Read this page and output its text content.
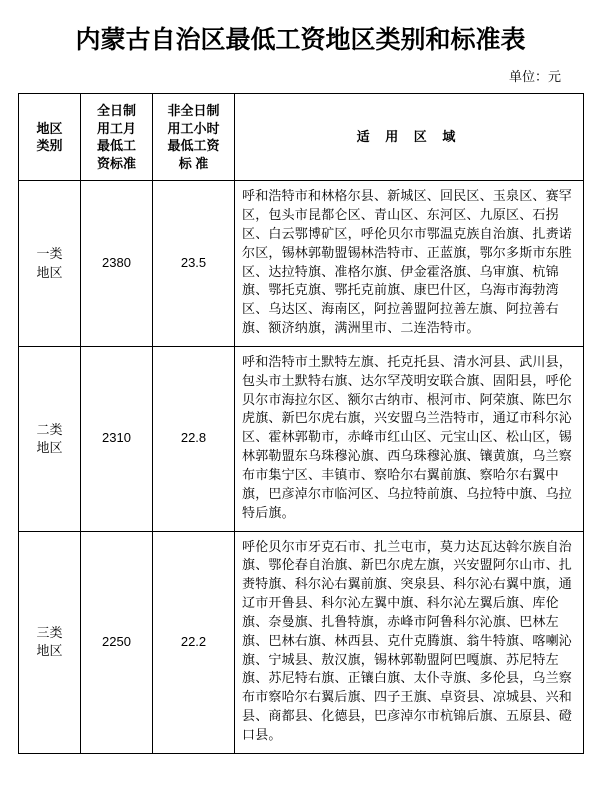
内蒙古自治区最低工资地区类别和标准表
单位：元
地区
类别	全日制
用工月
最低工
资标准	非全日制
用工小时
最低工资
标 准	适 用 区 域

一类
地区	2380	23.5	呼和浩特市和林格尔县、新城区、回民区、玉泉区、赛罕区，包头市昆都仑区、青山区、东河区、九原区、石拐区、白云鄂博矿区，呼伦贝尔市鄂温克族自治旗、扎赉诺尔区，锡林郭勒盟锡林浩特市、正蓝旗，鄂尔多斯市东胜区、达拉特旗、准格尔旗、伊金霍洛旗、乌审旗、杭锦旗、鄂托克旗、鄂托克前旗、康巴什区，乌海市海勃湾区、乌达区、海南区，阿拉善盟阿拉善左旗、阿拉善右旗、额济纳旗，满洲里市、二连浩特市。

二类
地区	2310	22.8	呼和浩特市土默特左旗、托克托县、清水河县、武川县，包头市土默特右旗、达尔罕茂明安联合旗、固阳县，呼伦贝尔市海拉尔区、额尔古纳市、根河市、阿荣旗、陈巴尔虎旗、新巴尔虎右旗，兴安盟乌兰浩特市，通辽市科尔沁区、霍林郭勒市，赤峰市红山区、元宝山区、松山区，锡林郭勒盟东乌珠穆沁旗、西乌珠穆沁旗、镶黄旗，乌兰察布市集宁区、丰镇市、察哈尔右翼前旗、察哈尔右翼中旗，巴彦淖尔市临河区、乌拉特前旗、乌拉特中旗、乌拉特后旗。

三类
地区	2250	22.2	呼伦贝尔市牙克石市、扎兰屯市，莫力达瓦达斡尔族自治旗、鄂伦春自治旗、新巴尔虎左旗，兴安盟阿尔山市、扎赉特旗、科尔沁右翼前旗、突泉县、科尔沁右翼中旗，通辽市开鲁县、科尔沁左翼中旗、科尔沁左翼后旗、库伦旗、奈曼旗、扎鲁特旗，赤峰市阿鲁科尔沁旗、巴林左旗、巴林右旗、林西县、克什克腾旗、翁牛特旗、喀喇沁旗、宁城县、敖汉旗，锡林郭勒盟阿巴嘎旗、苏尼特左旗、苏尼特右旗、正镶白旗、太仆寺旗、多伦县，乌兰察布市察哈尔右翼后旗、四子王旗、卓资县、凉城县、兴和县、商都县、化德县，巴彦淖尔市杭锦后旗、五原县、磴口县。
